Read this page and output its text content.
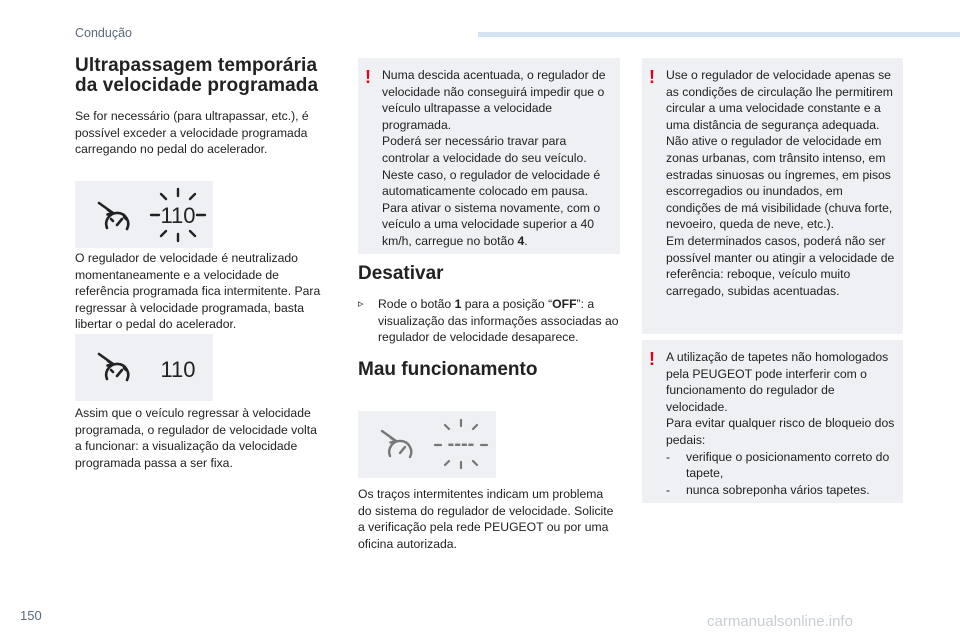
Condução
Ultrapassagem temporária
da velocidade programada

Se for necessário (para ultrapassar, etc.), é possível exceder a velocidade programada carregando no pedal do acelerador.

110

O regulador de velocidade é neutralizado momentaneamente e a velocidade de referência programada fica intermitente. Para regressar à velocidade programada, basta libertar o pedal do acelerador.

110

Assim que o veículo regressar à velocidade programada, o regulador de velocidade volta a funcionar: a visualização da velocidade programada passa a ser fixa.

! Numa descida acentuada, o regulador de velocidade não conseguirá impedir que o veículo ultrapasse a velocidade programada.

Poderá ser necessário travar para controlar a velocidade do seu veículo.

Neste caso, o regulador de velocidade é automaticamente colocado em pausa. Para ativar o sistema novamente, com o veículo a uma velocidade superior a 40 km/h, carregue no botão 4.

Desativar
▹	Rode o botão 1 para a posição “OFF”: a visualização das informações associadas ao regulador de velocidade desaparece.
Mau funcionamento
----

Os traços intermitentes indicam um problema do sistema do regulador de velocidade. Solicite a verificação pela rede PEUGEOT ou por uma oficina autorizada.

! Use o regulador de velocidade apenas se as condições de circulação lhe permitirem circular a uma velocidade constante e a uma distância de segurança adequada.

Não ative o regulador de velocidade em zonas urbanas, com trânsito intenso, em estradas sinuosas ou íngremes, em pisos escorregadios ou inundados, em condições de má visibilidade (chuva forte, nevoeiro, queda de neve, etc.).

Em determinados casos, poderá não ser possível manter ou atingir a velocidade de referência: reboque, veículo muito carregado, subidas acentuadas.

! A utilização de tapetes não homologados pela PEUGEOT pode interferir com o funcionamento do regulador de velocidade.

Para evitar qualquer risco de bloqueio dos pedais:

-	verifique o posicionamento correto do tapete,
-	nunca sobreponha vários tapetes.
150	carmanualsonline.info
